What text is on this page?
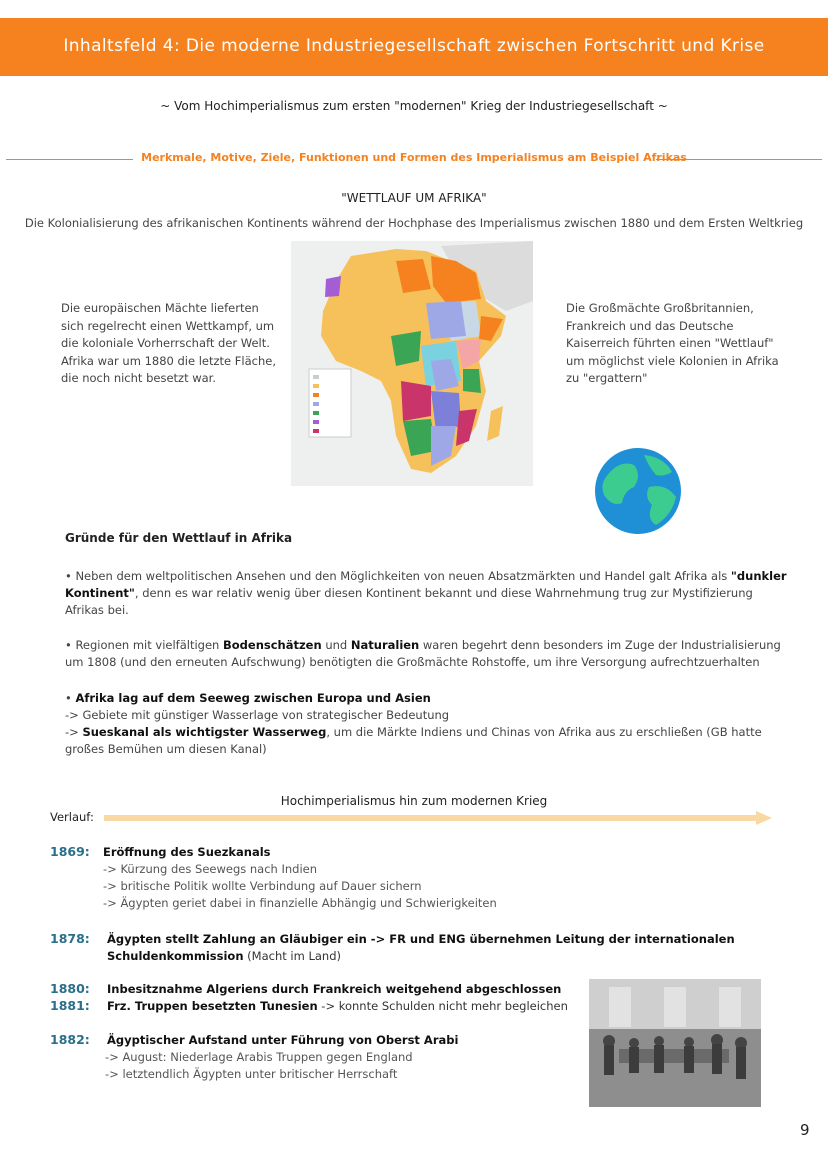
Inhaltsfeld 4: Die moderne Industriegesellschaft zwischen Fortschritt und Krise
~ Vom Hochimperialismus zum ersten "modernen" Krieg der Industriegesellschaft ~
Merkmale, Motive, Ziele, Funktionen und Formen des Imperialismus am Beispiel Afrikas
"WETTLAUF UM AFRIKA"
Die Kolonialisierung des afrikanischen Kontinents während der Hochphase des Imperialismus zwischen 1880 und dem Ersten Weltkrieg
Die europäischen Mächte lieferten sich regelrecht einen Wettkampf, um die koloniale Vorherrschaft der Welt. Afrika war um 1880 die letzte Fläche, die noch nicht besetzt war.
Die Großmächte Großbritannien, Frankreich und das Deutsche Kaiserreich führten einen "Wettlauf" um möglichst viele Kolonien in Afrika zu "ergattern"
Gründe für den Wettlauf in Afrika
• Neben dem weltpolitischen Ansehen und den Möglichkeiten von neuen Absatzmärkten und Handel galt Afrika als "dunkler Kontinent", denn es war relativ wenig über diesen Kontinent bekannt und diese Wahrnehmung trug zur Mystifizierung Afrikas bei.
• Regionen mit vielfältigen Bodenschätzen und Naturalien waren begehrt denn besonders im Zuge der Industrialisierung um 1808 (und den erneuten Aufschwung) benötigten die Großmächte Rohstoffe, um ihre Versorgung aufrechtzuerhalten
• Afrika lag auf dem Seeweg zwischen Europa und Asien
-> Gebiete mit günstiger Wasserlage von strategischer Bedeutung
-> Sueskanal als wichtigster Wasserweg, um die Märkte Indiens und Chinas von Afrika aus zu erschließen (GB hatte großes Bemühen um diesen Kanal)
Hochimperialismus hin zum modernen Krieg
Verlauf:
1869: Eröffnung des Suezkanals
-> Kürzung des Seewegs nach Indien
-> britische Politik wollte Verbindung auf Dauer sichern
-> Ägypten geriet dabei in finanzielle Abhängig und Schwierigkeiten
1878: Ägypten stellt Zahlung an Gläubiger ein -> FR und ENG übernehmen Leitung der internationalen
Schuldenkommission (Macht im Land)
1880: Inbesitznahme Algeriens durch Frankreich weitgehend abgeschlossen
1881: Frz. Truppen besetzten Tunesien -> konnte Schulden nicht mehr begleichen
1882: Ägyptischer Aufstand unter Führung von Oberst Arabi
-> August: Niederlage Arabis Truppen gegen England
-> letztendlich Ägypten unter britischer Herrschaft
9
